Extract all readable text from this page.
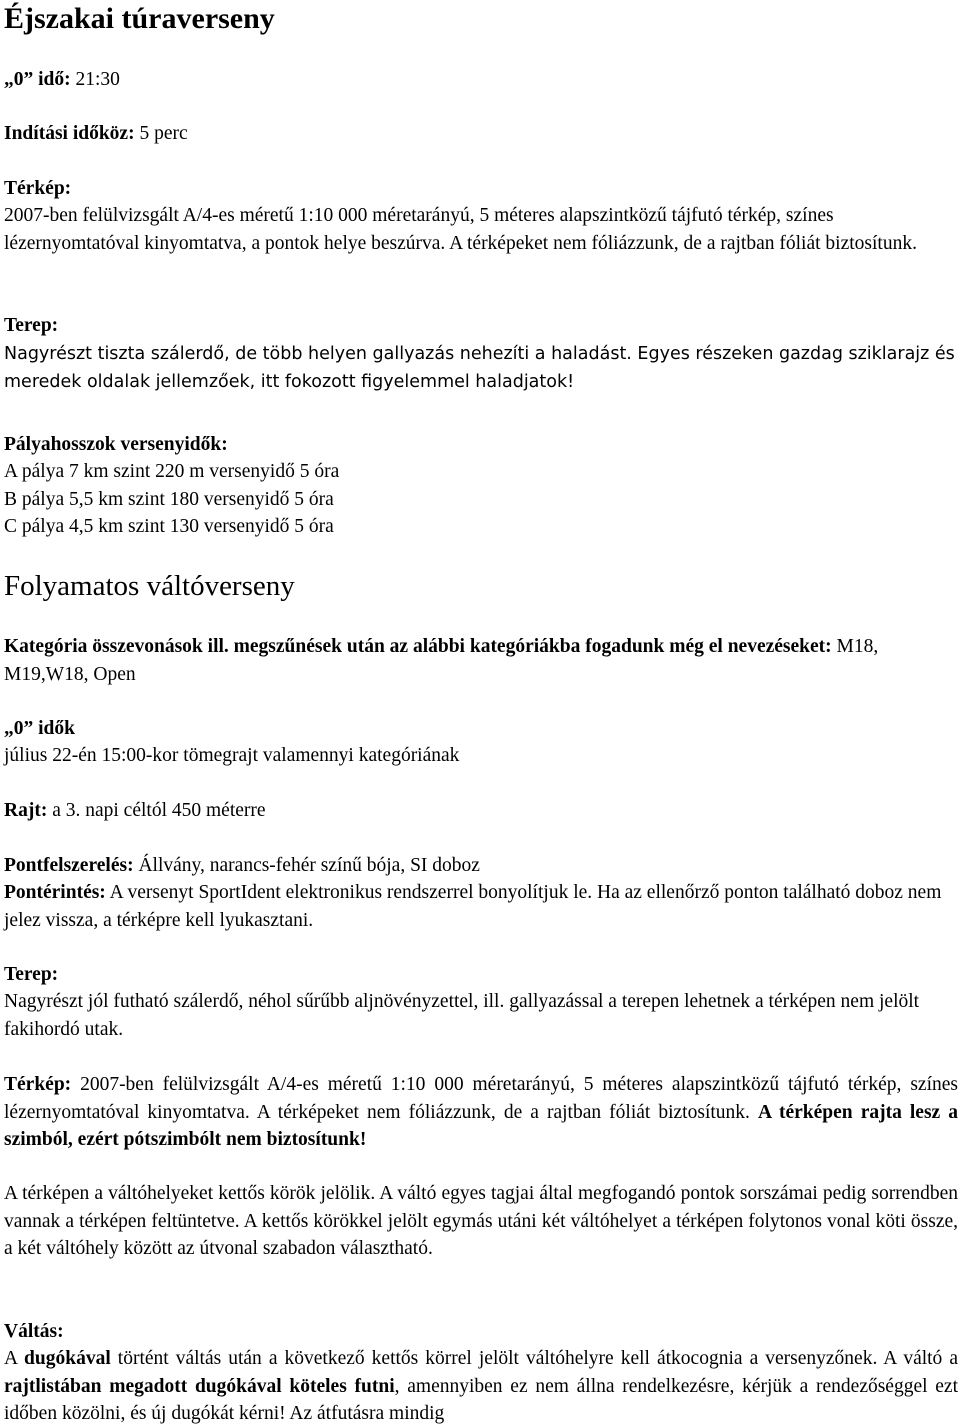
Éjszakai túraverseny
„0” idő: 21:30
Indítási időköz: 5 perc
Térkép:
2007-ben felülvizsgált A/4-es méretű 1:10 000 méretarányú, 5 méteres alapszintközű tájfutó térkép, színes lézernyomtatóval kinyomtatva, a pontok helye beszúrva. A térképeket nem fóliázzunk, de a rajtban fóliát biztosítunk.
Terep:
Nagyrészt tiszta szálerdő, de több helyen gallyazás nehezíti a haladást. Egyes részeken gazdag sziklarajz és meredek oldalak jellemzőek, itt fokozott figyelemmel haladjatok!
Pályahosszok versenyidők:
A pálya 7 km szint 220 m versenyidő 5 óra
B pálya 5,5 km szint 180 versenyidő 5 óra
C pálya 4,5 km szint 130 versenyidő 5 óra
Folyamatos váltóverseny
Kategória összevonások ill. megszűnések után az alábbi kategóriákba fogadunk még el nevezéseket: M18, M19,W18, Open
„0” idők
július 22-én 15:00-kor tömegrajt valamennyi kategóriának
Rajt: a 3. napi céltól 450 méterre
Pontfelszerelés: Állvány, narancs-fehér színű bója, SI doboz
Pontérintés: A versenyt SportIdent elektronikus rendszerrel bonyolítjuk le. Ha az ellenőrző ponton található doboz nem jelez vissza, a térképre kell lyukasztani.
Terep:
Nagyrészt jól futható szálerdő, néhol sűrűbb aljnövényzettel, ill. gallyazással a terepen lehetnek a térképen nem jelölt fakihordó utak.
Térkép: 2007-ben felülvizsgált A/4-es méretű 1:10 000 méretarányú, 5 méteres alapszintközű tájfutó térkép, színes lézernyomtatóval kinyomtatva. A térképeket nem fóliázzunk, de a rajtban fóliát biztosítunk. A térképen rajta lesz a szimból, ezért pótszimbólt nem biztosítunk!
A térképen a váltóhelyeket kettős körök jelölik. A váltó egyes tagjai által megfogandó pontok sorszámai pedig sorrendben vannak a térképen feltüntetve. A kettős körökkel jelölt egymás utáni két váltóhelyet a térképen folytonos vonal köti össze, a két váltóhely között az útvonal szabadon választható.
Váltás:
A dugókával történt váltás után a következő kettős körrel jelölt váltóhelyre kell átkocognia a versenyzőnek. A váltó a rajtlistában megadott dugókával köteles futni, amennyiben ez nem állna rendelkezésre, kérjük a rendezőséggel ezt időben közölni, és új dugókát kérni! Az átfutásra mindig
